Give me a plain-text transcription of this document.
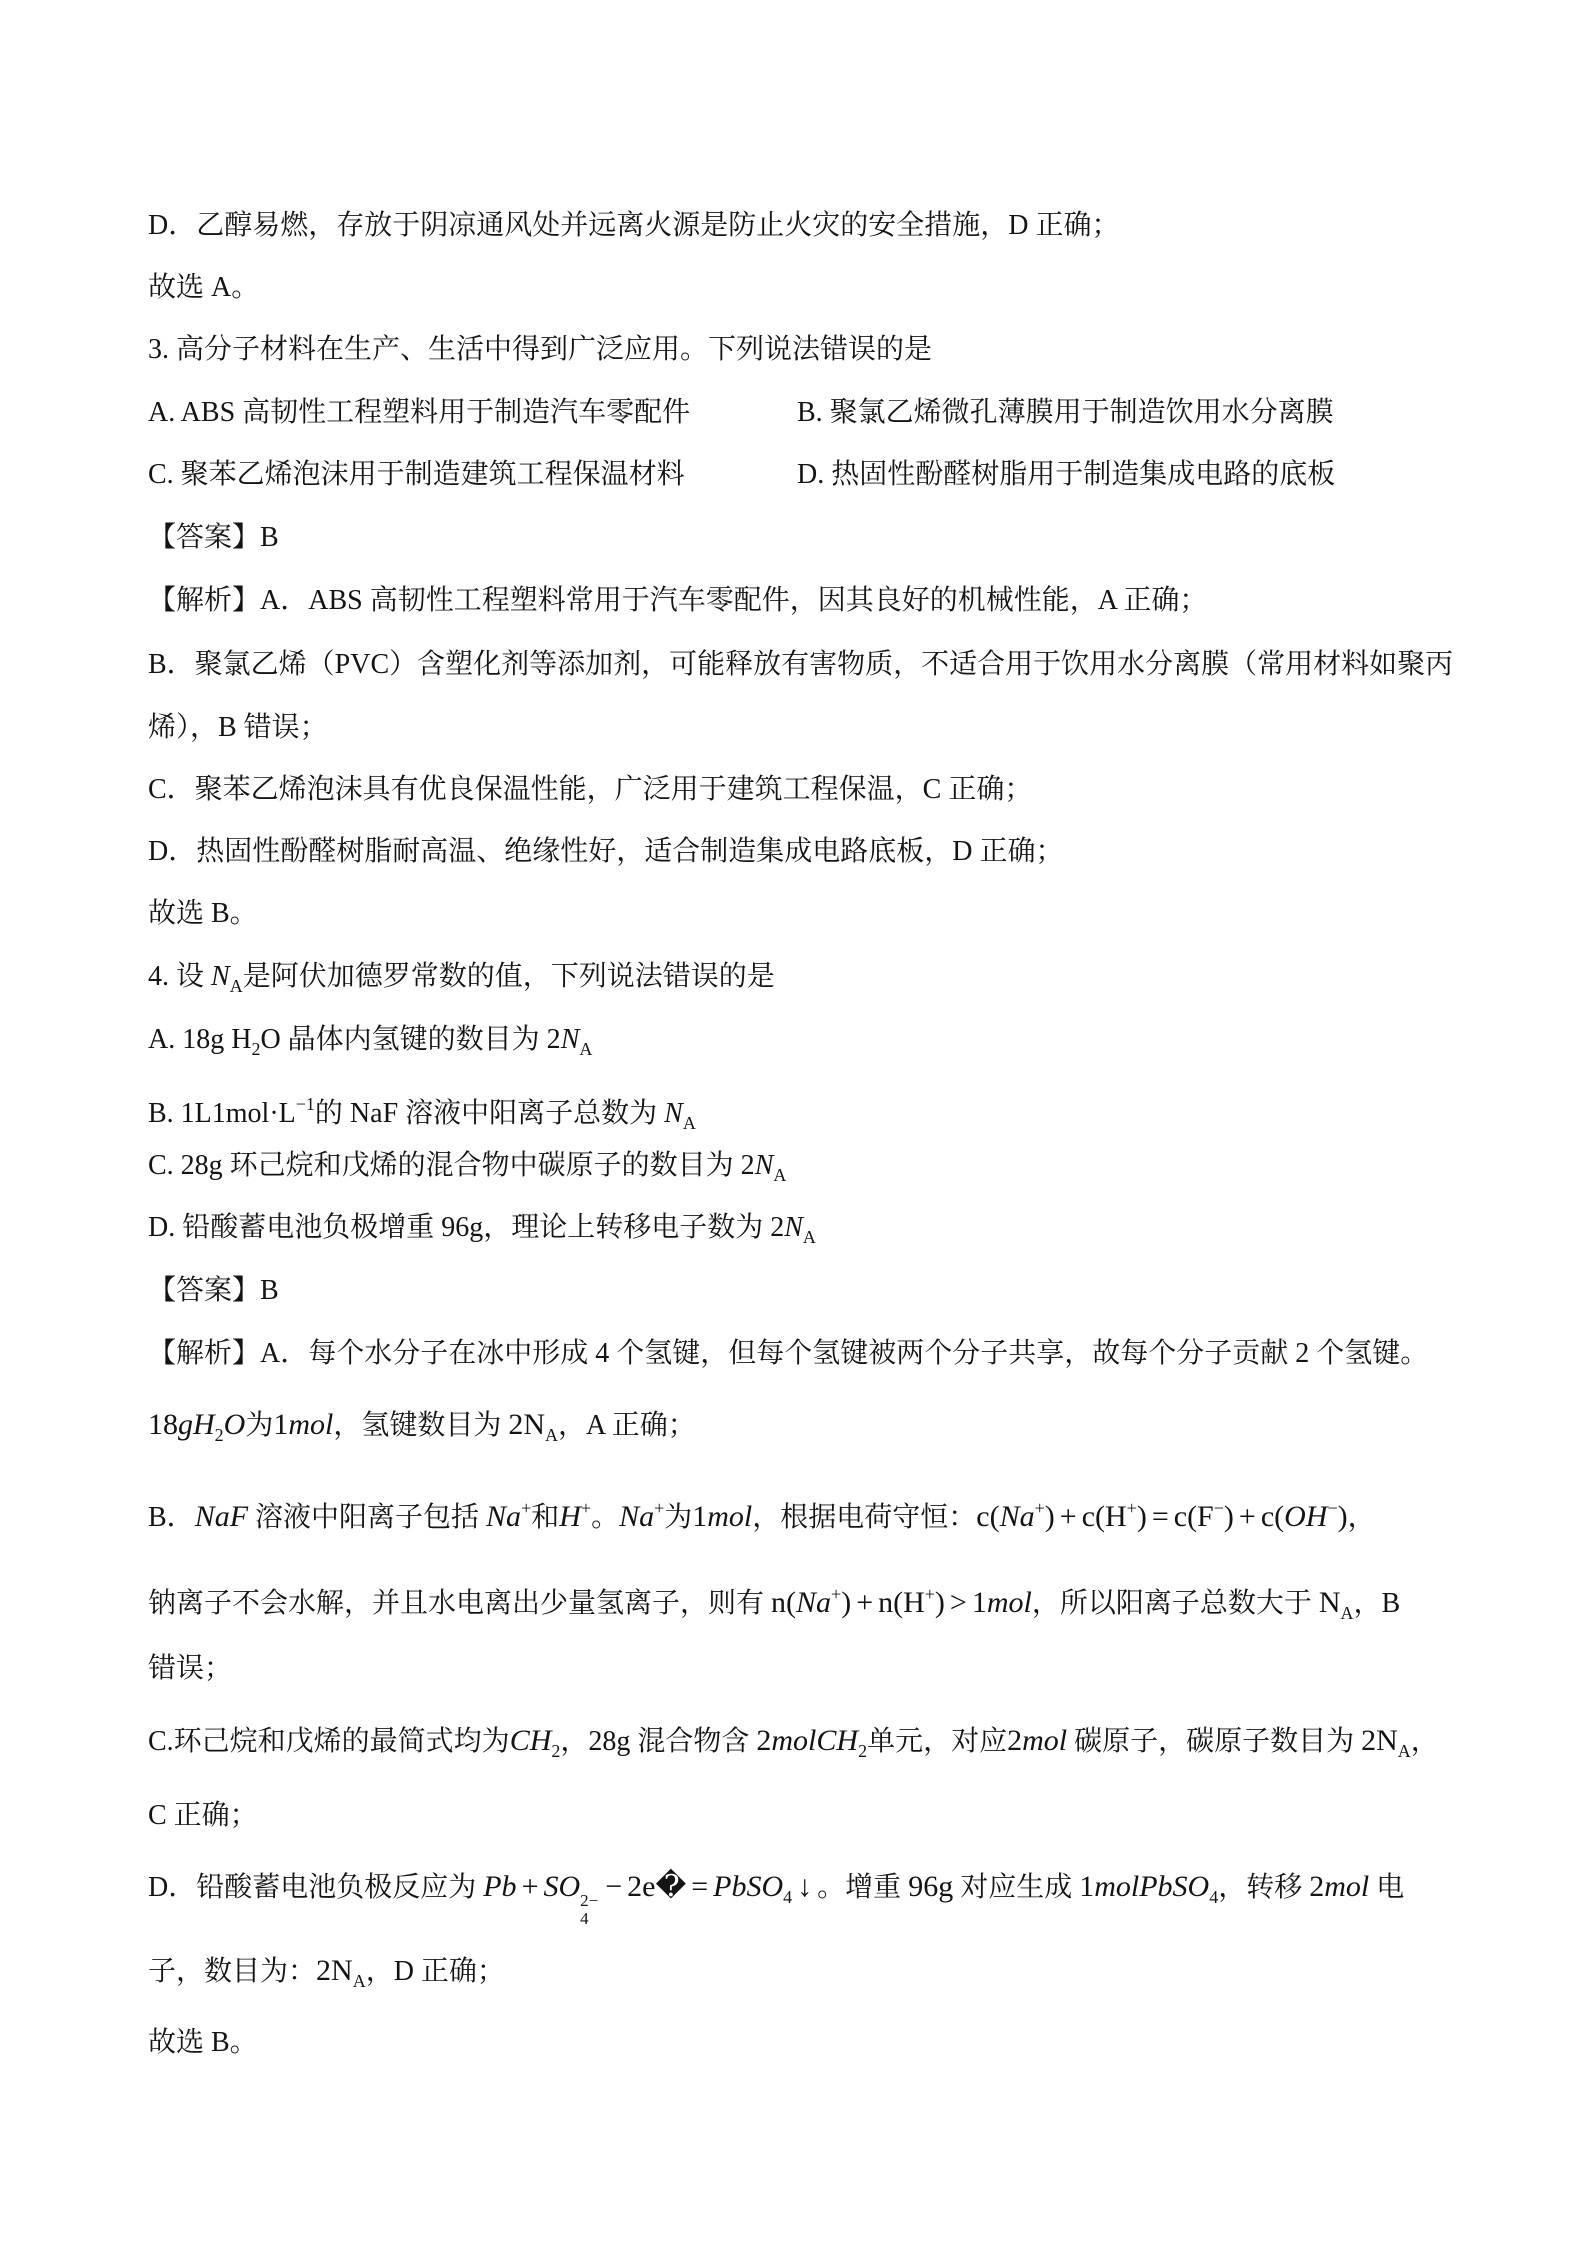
D．乙醇易燃，存放于阴凉通风处并远离火源是防止火灾的安全措施，D 正确；
故选 A。
3. 高分子材料在生产、生活中得到广泛应用。下列说法错误的是
A. ABS 高韧性工程塑料用于制造汽车零配件	B. 聚氯乙烯微孔薄膜用于制造饮用水分离膜
C. 聚苯乙烯泡沫用于制造建筑工程保温材料	D. 热固性酚醛树脂用于制造集成电路的底板
【答案】B
【解析】A．ABS 高韧性工程塑料常用于汽车零配件，因其良好的机械性能，A 正确；
B．聚氯乙烯（PVC）含塑化剂等添加剂，可能释放有害物质，不适合用于饮用水分离膜（常用材料如聚丙
烯），B 错误；
C．聚苯乙烯泡沫具有优良保温性能，广泛用于建筑工程保温，C 正确；
D．热固性酚醛树脂耐高温、绝缘性好，适合制造集成电路底板，D 正确；
故选 B。
4. 设 $N_A$是阿伏加德罗常数的值，下列说法错误的是
A. 18g $H_2O$ 晶体内氢键的数目为 $2N_A$
B. $1L1mol\cdot L^{-1}$的 NaF 溶液中阳离子总数为 $N_A$
C. 28g 环己烷和戊烯的混合物中碳原子的数目为 $2N_A$
D. 铅酸蓄电池负极增重 96g，理论上转移电子数为 $2N_A$
【答案】B
【解析】A．每个水分子在冰中形成 4 个氢键，但每个氢键被两个分子共享，故每个分子贡献 2 个氢键。
$18gH_2O$为1mol，氢键数目为 $2N_A$，A 正确；
B．NaF 溶液中阳离子包括 Na+和H+。Na+为1mol，根据电荷守恒：c(Na+) + c(H+) = c(F−) + c(OH−)，
钠离子不会水解，并且水电离出少量氢离子，则有 n(Na+) + n(H+) > 1mol，所以阳离子总数大于 $N_A$，B
错误；
C.环己烷和戊烯的最简式均为$CH_2$，28g 混合物含 2molCH$_2$单元，对应2mol 碳原子，碳原子数目为 $2N_A$，
C 正确；
D．铅酸蓄电池负极反应为 Pb + SO 2−
4
− 2e� = PbSO$_4$ ↓ 。增重 96g 对应生成 1molPbSO$_4$，转移 2mol 电
子，数目为：$2N_A$，D 正确；
故选 B。
